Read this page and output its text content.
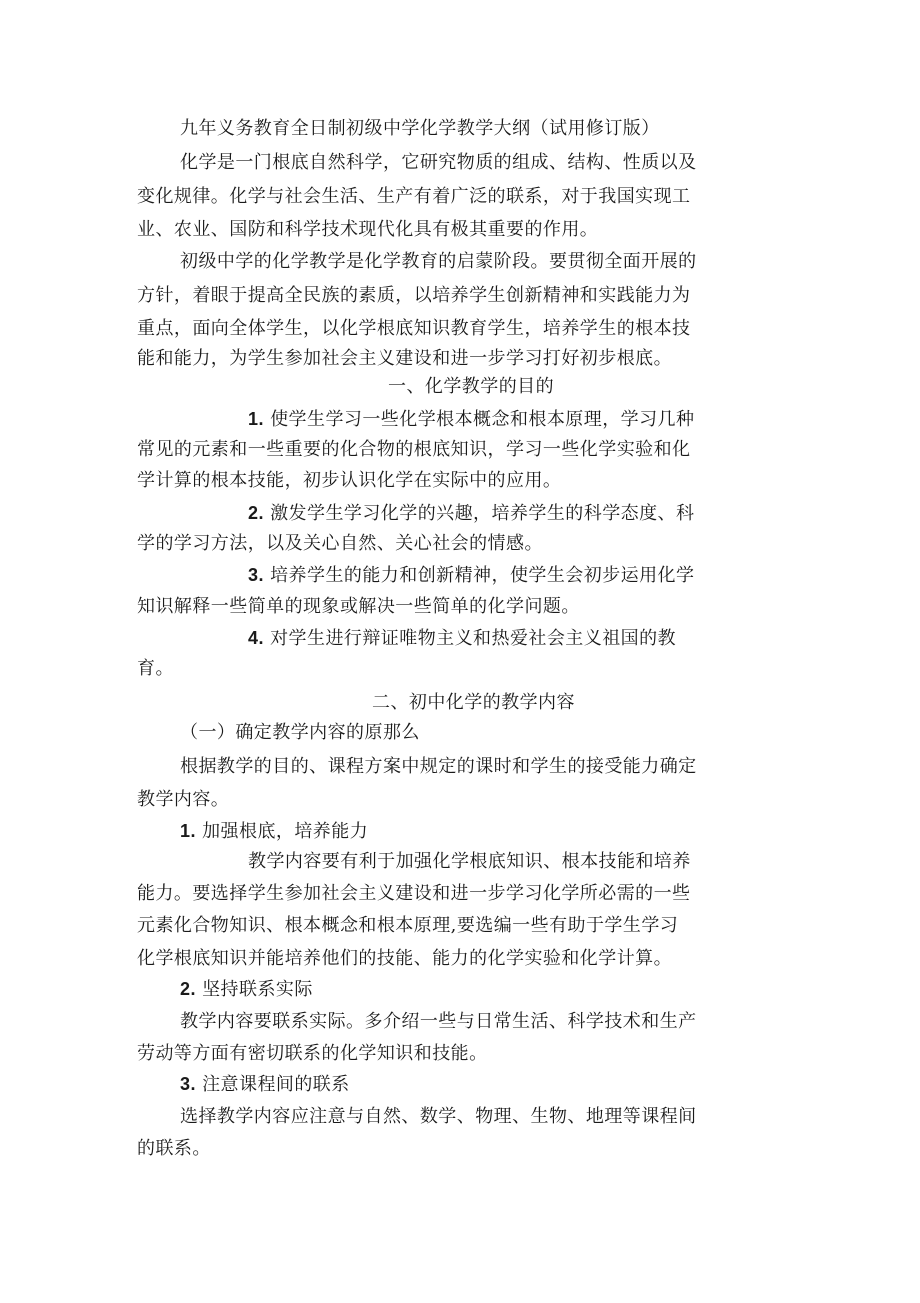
九年义务教育全日制初级中学化学教学大纲（试用修订版）
化学是一门根底自然科学，它研究物质的组成、结构、性质以及
变化规律。化学与社会生活、生产有着广泛的联系，对于我国实现工
业、农业、国防和科学技术现代化具有极其重要的作用。
初级中学的化学教学是化学教育的启蒙阶段。要贯彻全面开展的
方针，着眼于提高全民族的素质，以培养学生创新精神和实践能力为
重点，面向全体学生，以化学根底知识教育学生，培养学生的根本技
能和能力，为学生参加社会主义建设和进一步学习打好初步根底。
一、化学教学的目的
1. 使学生学习一些化学根本概念和根本原理，学习几种
常见的元素和一些重要的化合物的根底知识，学习一些化学实验和化
学计算的根本技能，初步认识化学在实际中的应用。
2. 激发学生学习化学的兴趣，培养学生的科学态度、科
学的学习方法，以及关心自然、关心社会的情感。
3. 培养学生的能力和创新精神，使学生会初步运用化学
知识解释一些简单的现象或解决一些简单的化学问题。
4. 对学生进行辩证唯物主义和热爱社会主义祖国的教
育。
二、初中化学的教学内容
（一）确定教学内容的原那么
根据教学的目的、课程方案中规定的课时和学生的接受能力确定
教学内容。
1. 加强根底，培养能力
教学内容要有利于加强化学根底知识、根本技能和培养
能力。要选择学生参加社会主义建设和进一步学习化学所必需的一些
元素化合物知识、根本概念和根本原理,要选编一些有助于学生学习
化学根底知识并能培养他们的技能、能力的化学实验和化学计算。
2. 坚持联系实际
教学内容要联系实际。多介绍一些与日常生活、科学技术和生产
劳动等方面有密切联系的化学知识和技能。
3. 注意课程间的联系
选择教学内容应注意与自然、数学、物理、生物、地理等课程间
的联系。
